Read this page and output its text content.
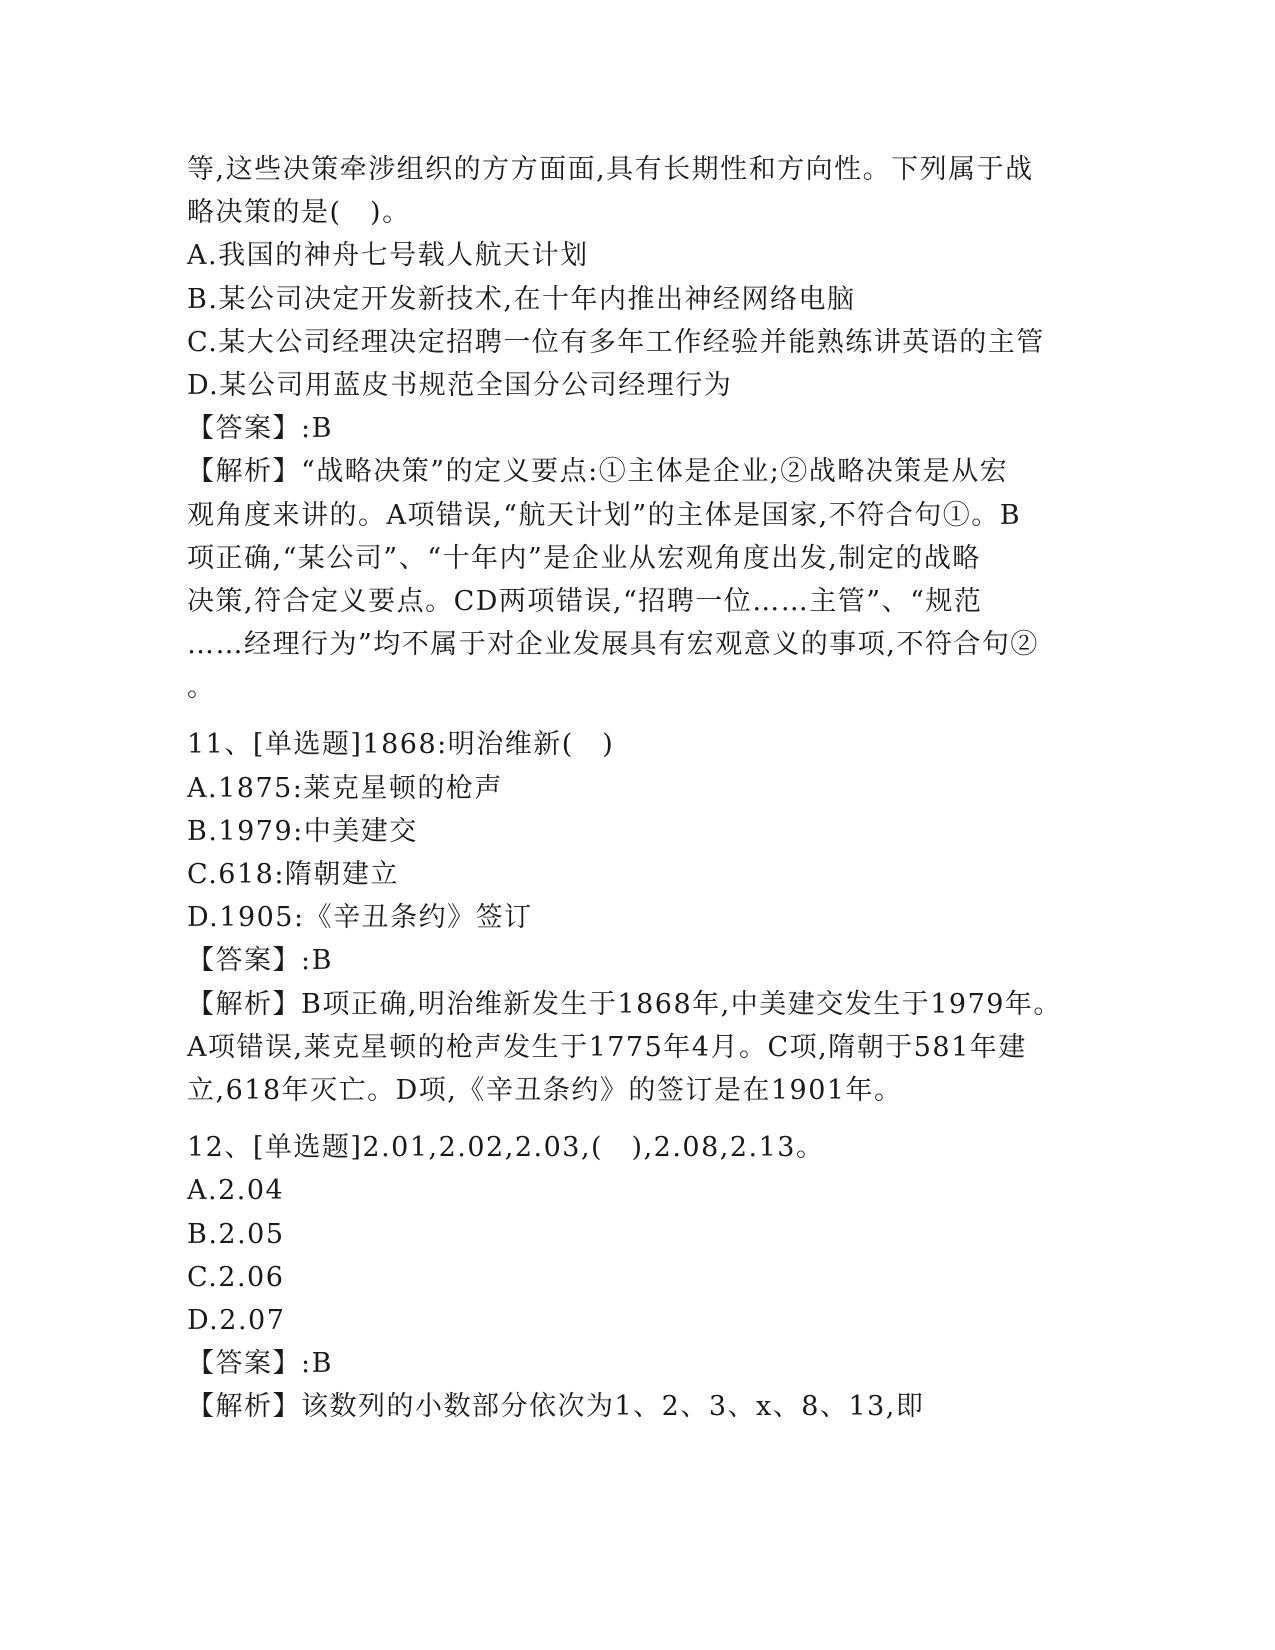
等,这些决策牵涉组织的方方面面,具有长期性和方向性。下列属于战
略决策的是(　)。
A.我国的神舟七号载人航天计划
B.某公司决定开发新技术,在十年内推出神经网络电脑
C.某大公司经理决定招聘一位有多年工作经验并能熟练讲英语的主管
D.某公司用蓝皮书规范全国分公司经理行为
【答案】:B
【解析】“战略决策”的定义要点:①主体是企业;②战略决策是从宏
观角度来讲的。A项错误,“航天计划”的主体是国家,不符合句①。B
项正确,“某公司”、“十年内”是企业从宏观角度出发,制定的战略
决策,符合定义要点。CD两项错误,“招聘一位……主管”、“规范
……经理行为”均不属于对企业发展具有宏观意义的事项,不符合句②
。
11、[单选题]1868:明治维新(　)
A.1875:莱克星顿的枪声
B.1979:中美建交
C.618:隋朝建立
D.1905:《辛丑条约》签订
【答案】:B
【解析】B项正确,明治维新发生于1868年,中美建交发生于1979年。
A项错误,莱克星顿的枪声发生于1775年4月。C项,隋朝于581年建
立,618年灭亡。D项,《辛丑条约》的签订是在1901年。
12、[单选题]2.01,2.02,2.03,(　),2.08,2.13。
A.2.04
B.2.05
C.2.06
D.2.07
【答案】:B
【解析】该数列的小数部分依次为1、2、3、x、8、13,即
